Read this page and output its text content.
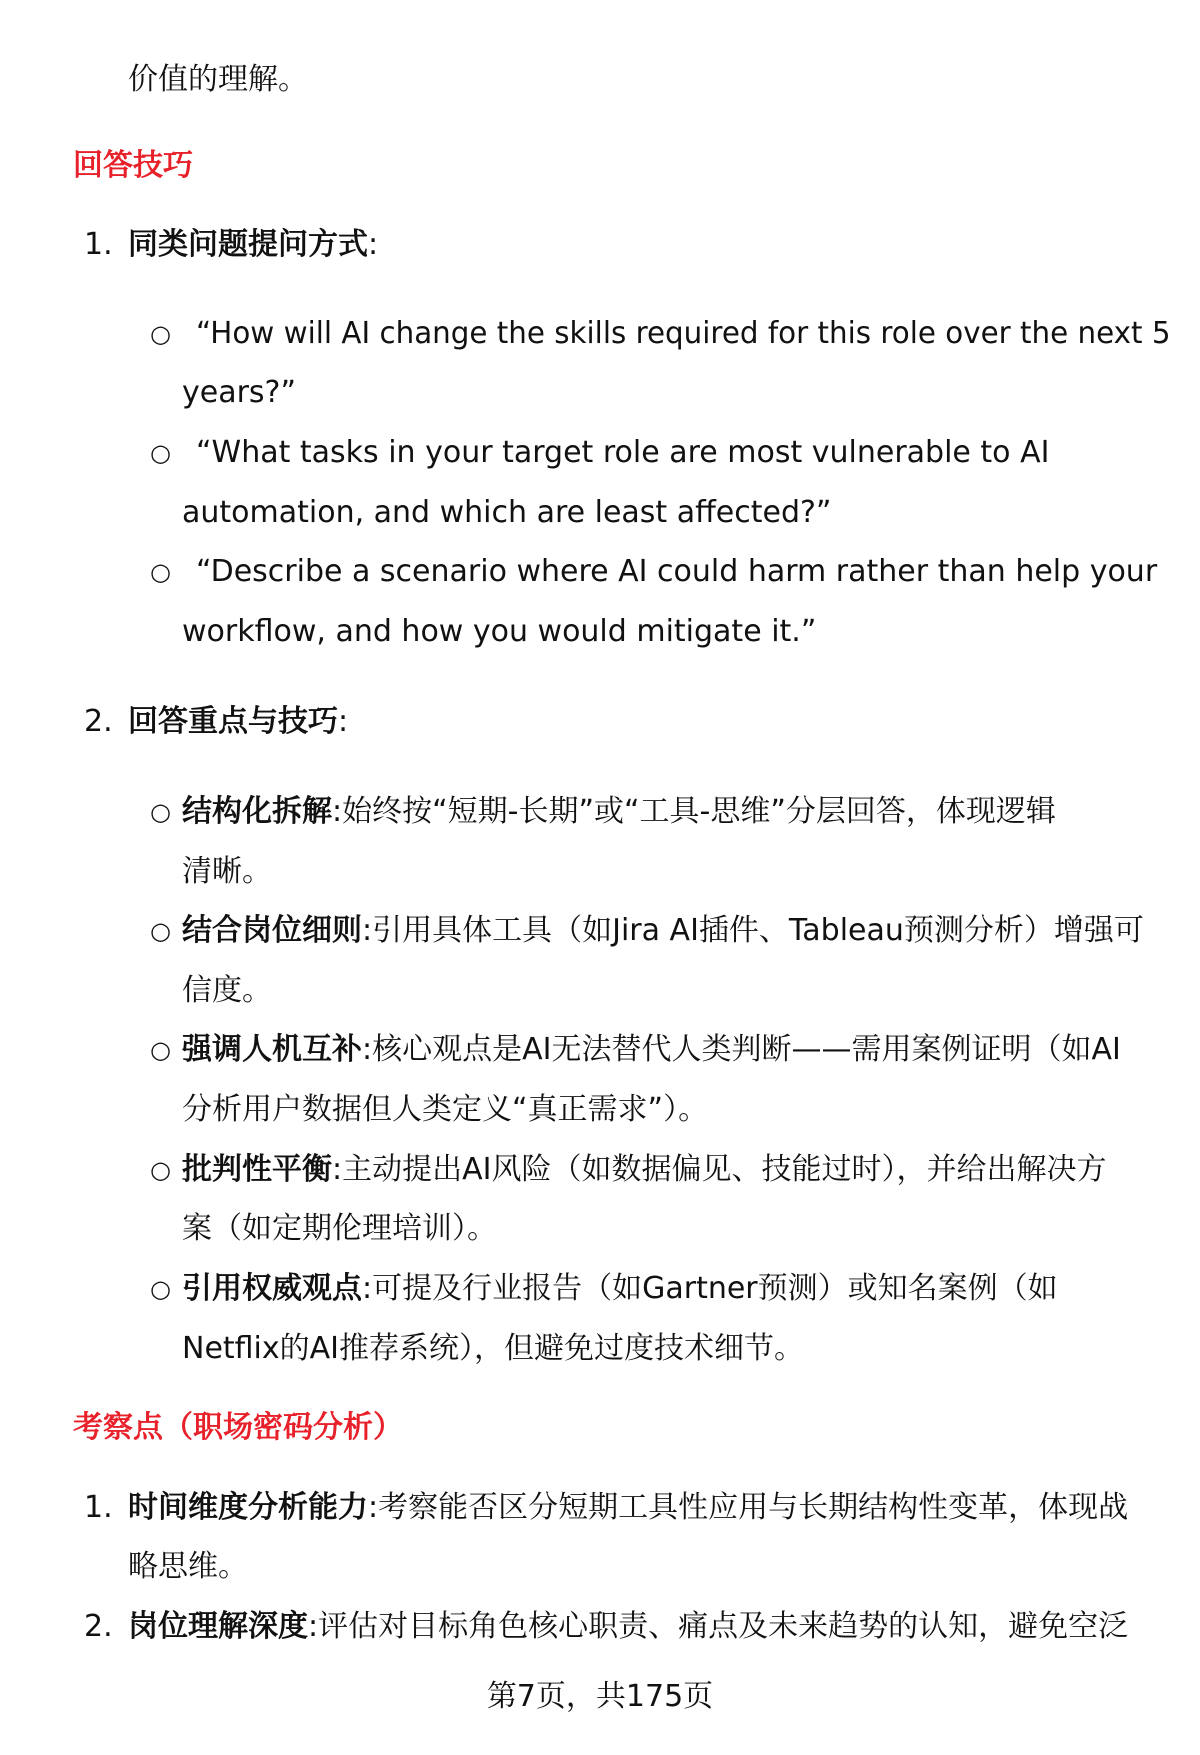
价值的理解。
回答技巧
1. 同类问题提问方式:
○ “How will AI change the skills required for this role over the next 5
years?”
○ “What tasks in your target role are most vulnerable to AI
automation, and which are least affected?”
○ “Describe a scenario where AI could harm rather than help your
workflow, and how you would mitigate it.”
2. 回答重点与技巧:
○ 结构化拆解:始终按“短期-长期”或“工具-思维”分层回答，体现逻辑
清晰。
○ 结合岗位细则:引用具体工具（如Jira AI插件、Tableau预测分析）增强可
信度。
○ 强调人机互补:核心观点是AI无法替代人类判断——需用案例证明（如AI
分析用户数据但人类定义“真正需求”）。
○ 批判性平衡:主动提出AI风险（如数据偏见、技能过时），并给出解决方
案（如定期伦理培训）。
○ 引用权威观点:可提及行业报告（如Gartner预测）或知名案例（如
Netflix的AI推荐系统），但避免过度技术细节。
考察点（职场密码分析）
1. 时间维度分析能力:考察能否区分短期工具性应用与长期结构性变革，体现战
略思维。
2. 岗位理解深度:评估对目标角色核心职责、痛点及未来趋势的认知，避免空泛
第7页，共175页
